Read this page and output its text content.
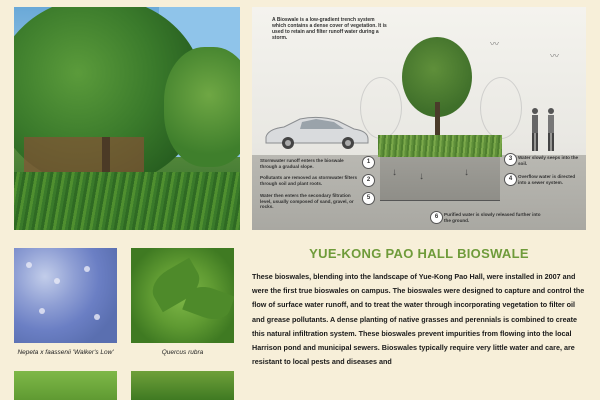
A Bioswale is a low-gradient trench system which contains a dense cover of vegetation. It is used to retain and filter runoff water during a storm.
〰
〰
↓ ↓	↓
1
Stormwater runoff enters the bioswale through a gradual slope.
2
Pollutants are removed as stormwater filters through soil and plant roots.
3	Water slowly seeps into the soil.
4	Overflow water is directed into a sewer system.
5
Water then enters the secondary filtration level, usually composed of sand, gravel, or rocks.
6	Purified water is slowly released further into the ground.
Nepeta x faassenii 'Walker's Low'	Quercus rubra
YUE-KONG PAO HALL BIOSWALE
These bioswales, blending into the landscape of Yue-Kong Pao Hall, were installed in 2007 and were the first true bioswales on campus. The bioswales were designed to capture and control the flow of surface water runoff, and to treat the water through incorporating vegetation to filter oil and grease pollutants. A dense planting of native grasses and perennials is combined to create this natural infiltration system. These bioswales prevent impurities from flowing into the local Harrison pond and municipal sewers. Bioswales typically require very little water and care, are resistant to local pests and diseases and
